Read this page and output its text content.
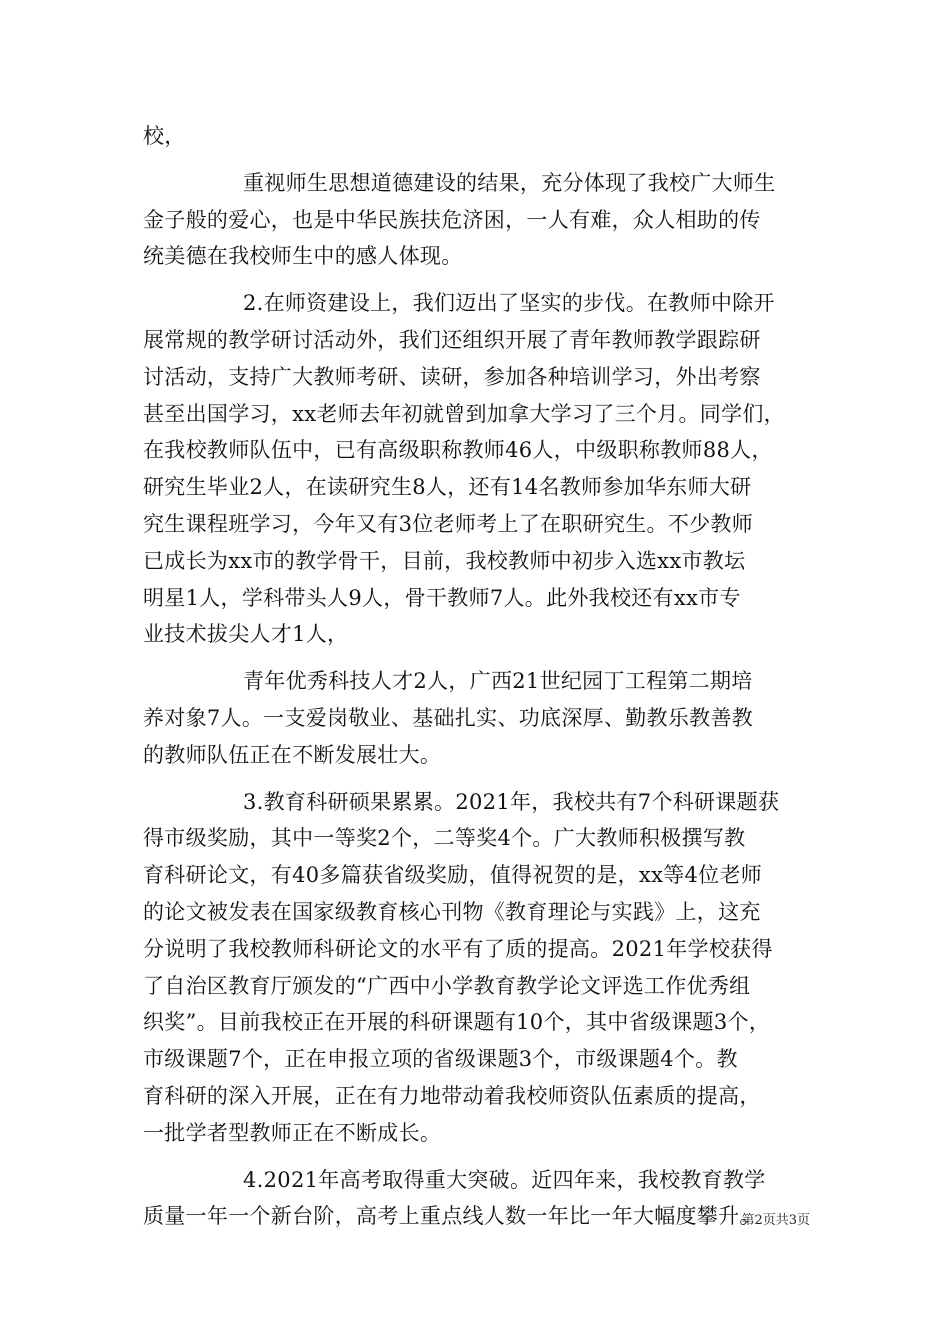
校，
重视师生思想道德建设的结果，充分体现了我校广大师生
金子般的爱心，也是中华民族扶危济困，一人有难，众人相助的传
统美德在我校师生中的感人体现。
2.在师资建设上，我们迈出了坚实的步伐。在教师中除开
展常规的教学研讨活动外，我们还组织开展了青年教师教学跟踪研
讨活动，支持广大教师考研、读研，参加各种培训学习，外出考察
甚至出国学习，xx老师去年初就曾到加拿大学习了三个月。同学们，
在我校教师队伍中，已有高级职称教师46人，中级职称教师88人，
研究生毕业2人，在读研究生8人，还有14名教师参加华东师大研
究生课程班学习，今年又有3位老师考上了在职研究生。不少教师
已成长为xx市的教学骨干，目前，我校教师中初步入选xx市教坛
明星1人，学科带头人9人，骨干教师7人。此外我校还有xx市专
业技术拔尖人才1人，
青年优秀科技人才2人，广西21世纪园丁工程第二期培
养对象7人。一支爱岗敬业、基础扎实、功底深厚、勤教乐教善教
的教师队伍正在不断发展壮大。
3.教育科研硕果累累。2021年，我校共有7个科研课题获
得市级奖励，其中一等奖2个，二等奖4个。广大教师积极撰写教
育科研论文，有40多篇获省级奖励，值得祝贺的是，xx等4位老师
的论文被发表在国家级教育核心刊物《教育理论与实践》上，这充
分说明了我校教师科研论文的水平有了质的提高。2021年学校获得
了自治区教育厅颁发的“广西中小学教育教学论文评选工作优秀组
织奖”。目前我校正在开展的科研课题有10个，其中省级课题3个，
市级课题7个，正在申报立项的省级课题3个，市级课题4个。教
育科研的深入开展，正在有力地带动着我校师资队伍素质的提高，
一批学者型教师正在不断成长。
4.2021年高考取得重大突破。近四年来，我校教育教学
质量一年一个新台阶，高考上重点线人数一年比一年大幅度攀升。
第2页共3页
